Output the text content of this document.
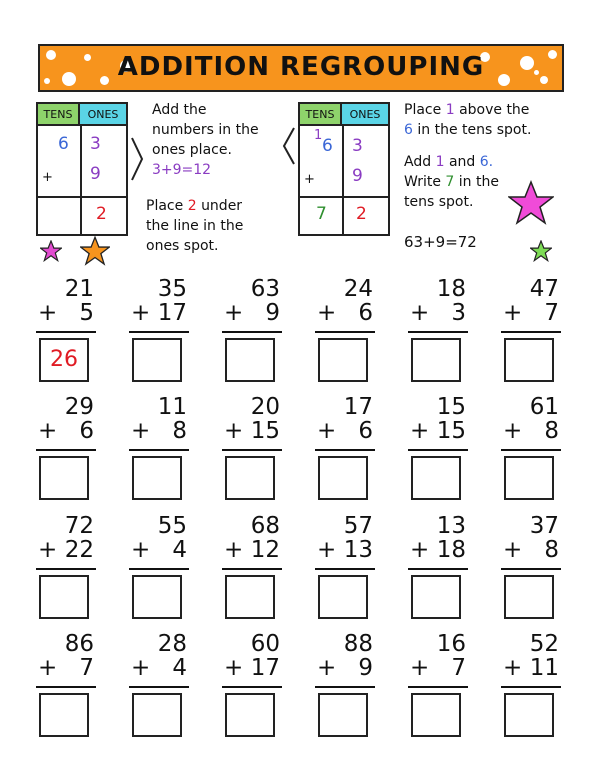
ADDITION REGROUPING
TENS	ONES
6 3
+ 9
2
Add the
numbers in the
ones place.
3+9=12
Place 2 under
the line in the
ones spot.
TENS	ONES
1
6 3
+ 9
7 2
Place 1 above the
6 in the tens spot.
Add 1 and 6.
Write 7 in the
tens spot.
63+9=72
21
+ 5
26
35
+ 17
63
+ 9
24
+ 6
18
+ 3
47
+ 7
29
+ 6
11
+ 8
20
+ 15
17
+ 6
15
+ 15
61
+ 8
72
+ 22
55
+ 4
68
+ 12
57
+ 13
13
+ 18
37
+ 8
86
+ 7
28
+ 4
60
+ 17
88
+ 9
16
+ 7
52
+ 11
